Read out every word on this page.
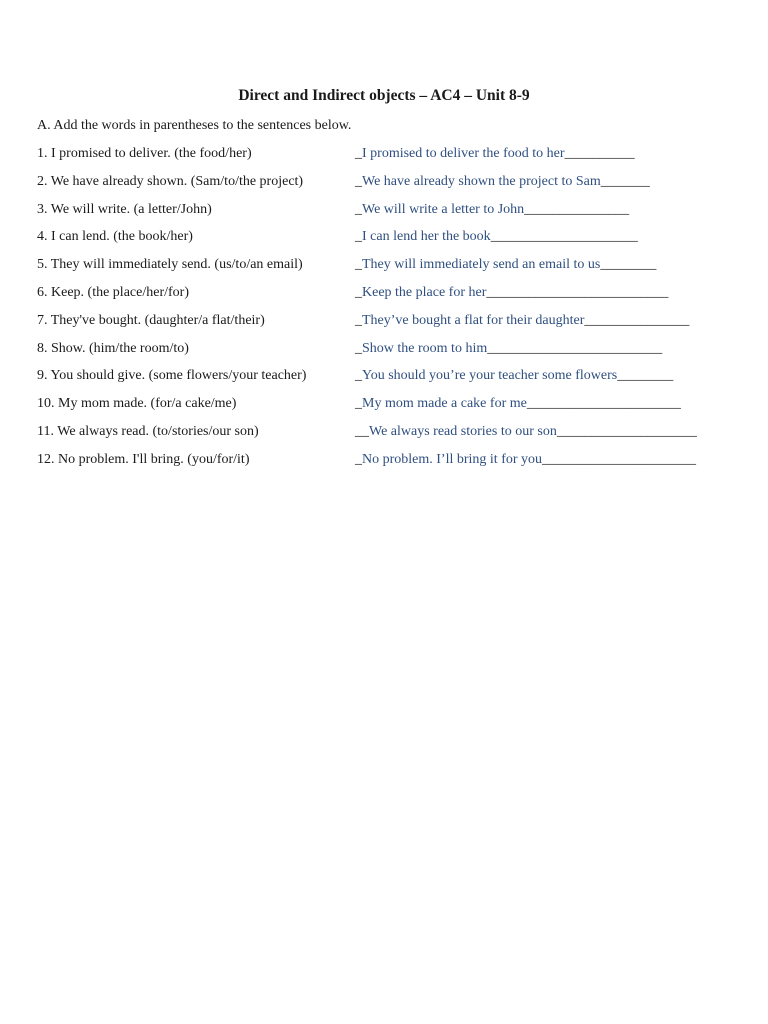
Direct and Indirect objects – AC4 – Unit 8-9
A. Add the words in parentheses to the sentences below.
1. I promised to deliver. (the food/her)	_I promised to deliver the food to her__________
2. We have already shown. (Sam/to/the project)	_We have already shown the project to Sam_______
3. We will write. (a letter/John)	_We will write a letter to John_______________
4. I can lend. (the book/her)	_I can lend her the book_____________________
5. They will immediately send. (us/to/an email)	_They will immediately send an email to us________
6. Keep. (the place/her/for)	_Keep the place for her__________________________
7. They've bought. (daughter/a flat/their)	_They’ve bought a flat for their daughter_______________
8. Show. (him/the room/to)	_Show the room to him_________________________
9. You should give. (some flowers/your teacher)	_You should you’re your teacher some flowers________
10. My mom made. (for/a cake/me)	_My mom made a cake for me______________________
11. We always read. (to/stories/our son)	__We always read stories to our son____________________
12. No problem. I'll bring. (you/for/it)	_No problem. I’ll bring it for you______________________
